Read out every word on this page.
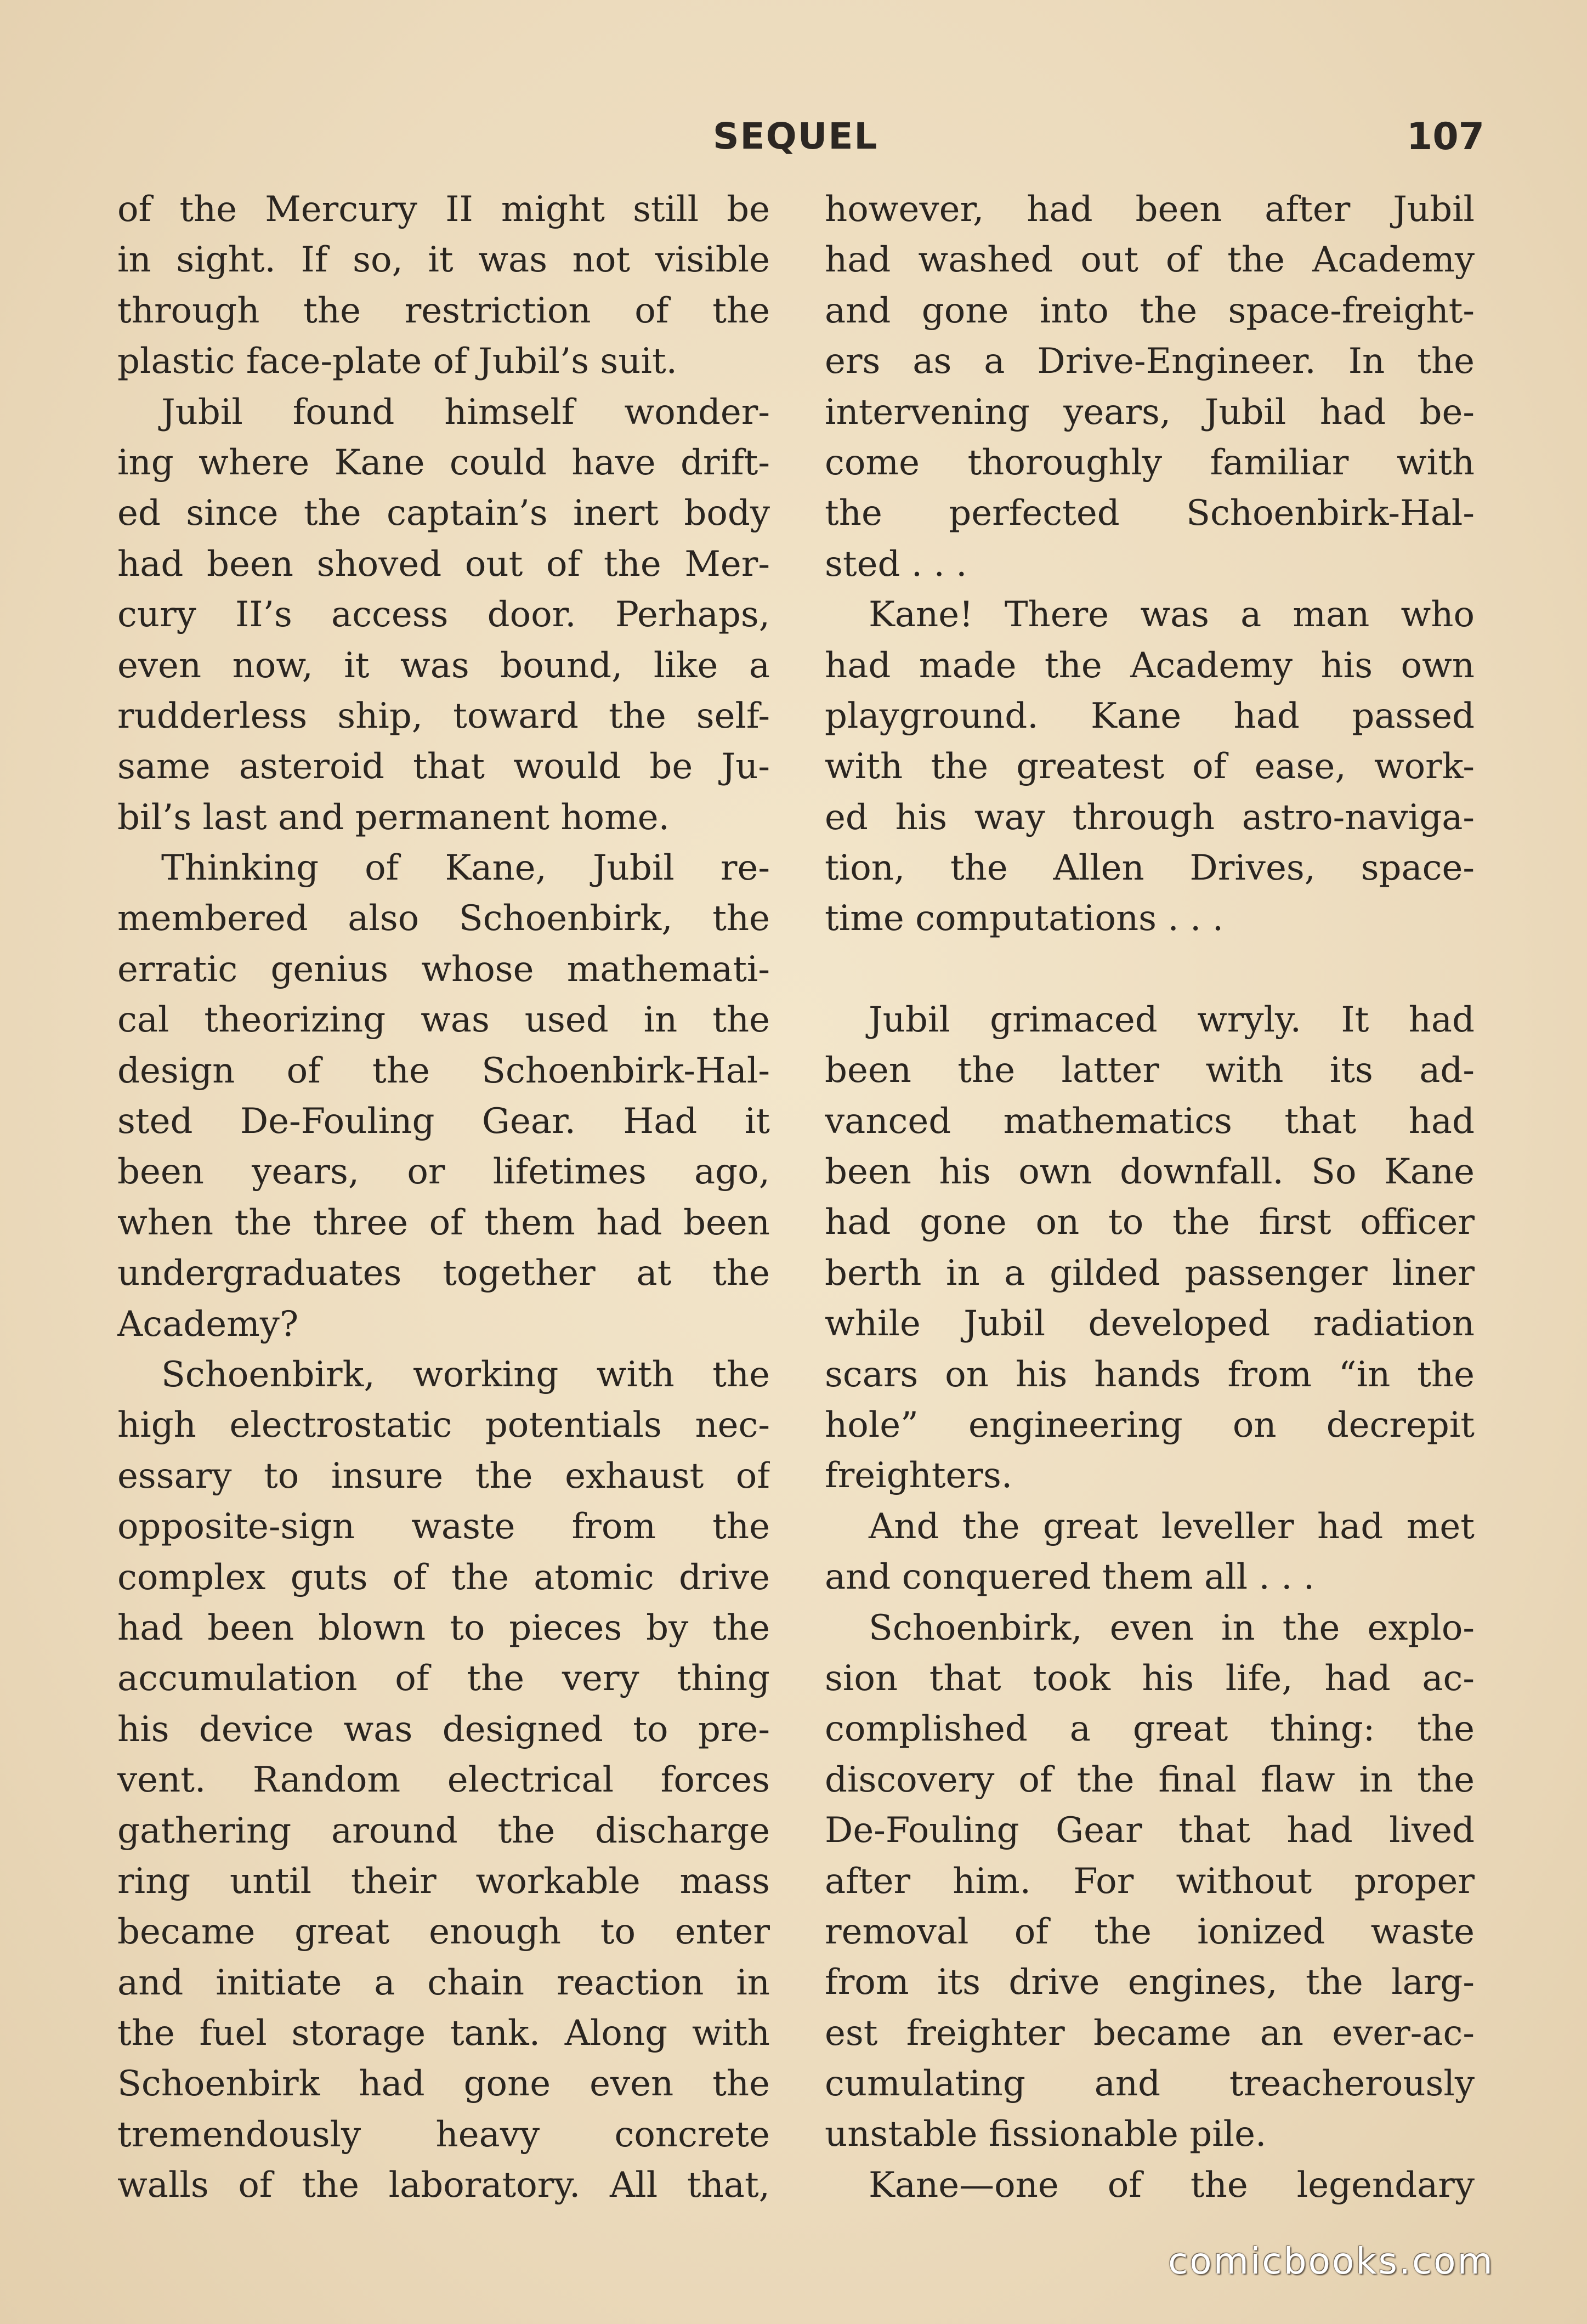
SEQUEL	107
of the Mercury II might still be
in sight. If so, it was not visible
through the restriction of the
plastic face-plate of Jubil’s suit.
Jubil found himself wonder-
ing where Kane could have drift-
ed since the captain’s inert body
had been shoved out of the Mer-
cury II’s access door. Perhaps,
even now, it was bound, like a
rudderless ship, toward the self-
same asteroid that would be Ju-
bil’s last and permanent home.
Thinking of Kane, Jubil re-
membered also Schoenbirk, the
erratic genius whose mathemati-
cal theorizing was used in the
design of the Schoenbirk-Hal-
sted De-Fouling Gear. Had it
been years, or lifetimes ago,
when the three of them had been
undergraduates together at the
Academy?
Schoenbirk, working with the
high electrostatic potentials nec-
essary to insure the exhaust of
opposite-sign waste from the
complex guts of the atomic drive
had been blown to pieces by the
accumulation of the very thing
his device was designed to pre-
vent. Random electrical forces
gathering around the discharge
ring until their workable mass
became great enough to enter
and initiate a chain reaction in
the fuel storage tank. Along with
Schoenbirk had gone even the
tremendously heavy concrete
walls of the laboratory. All that,
however, had been after Jubil
had washed out of the Academy
and gone into the space-freight-
ers as a Drive-Engineer. In the
intervening years, Jubil had be-
come thoroughly familiar with
the perfected Schoenbirk-Hal-
sted . . .
Kane! There was a man who
had made the Academy his own
playground. Kane had passed
with the greatest of ease, work-
ed his way through astro-naviga-
tion, the Allen Drives, space-
time computations . . .
Jubil grimaced wryly. It had
been the latter with its ad-
vanced mathematics that had
been his own downfall. So Kane
had gone on to the first officer
berth in a gilded passenger liner
while Jubil developed radiation
scars on his hands from “in the
hole” engineering on decrepit
freighters.
And the great leveller had met
and conquered them all . . .
Schoenbirk, even in the explo-
sion that took his life, had ac-
complished a great thing: the
discovery of the final flaw in the
De-Fouling Gear that had lived
after him. For without proper
removal of the ionized waste
from its drive engines, the larg-
est freighter became an ever-ac-
cumulating and treacherously
unstable fissionable pile.
Kane—one of the legendary
comicbooks.com
